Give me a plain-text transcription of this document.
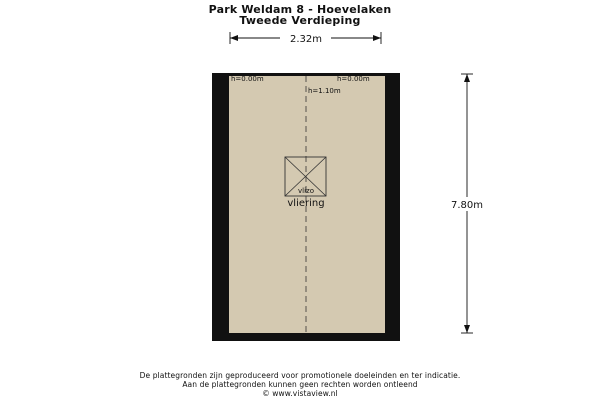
Park Weldam 8 - Hoevelaken
Tweede Verdieping
h=0.00m	h=0.00m
h=1.10m
vlizo
vliering
2.32m
7.80m
De plattegronden zijn geproduceerd voor promotionele doeleinden en ter indicatie.
Aan de plattegronden kunnen geen rechten worden ontleend
© www.vistaview.nl
